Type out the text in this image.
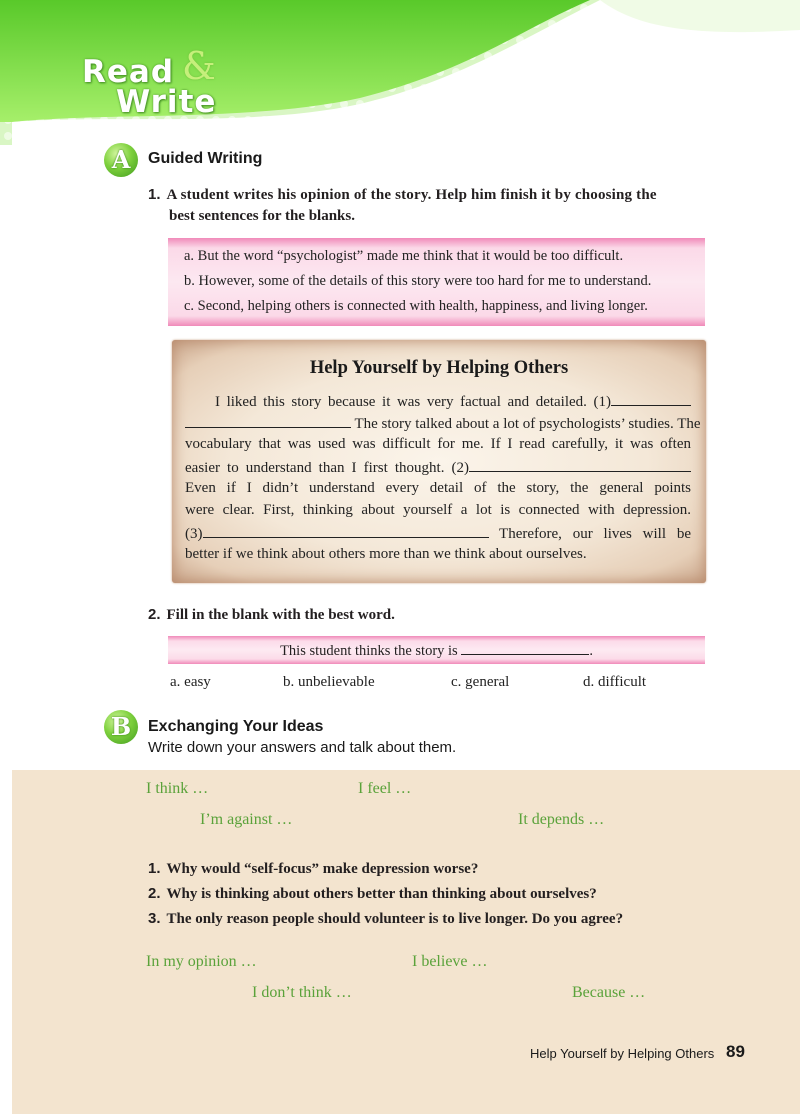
Read &
Write
A	Guided Writing
1. A student writes his opinion of the story. Help him finish it by choosing the
best sentences for the blanks.
a. But the word “psychologist” made me think that it would be too difficult.
b. However, some of the details of this story were too hard for me to understand.
c. Second, helping others is connected with health, happiness, and living longer.
Help Yourself by Helping Others
I liked this story because it was very factual and detailed. (1)
The story talked about a lot of psychologists’ studies. The
vocabulary that was used was difficult for me. If I read carefully, it was often
easier to understand than I first thought. (2)
Even if I didn’t understand every detail of the story, the general points
were clear. First, thinking about yourself a lot is connected with depression.
(3)	Therefore, our lives will be
better if we think about others more than we think about ourselves.
2. Fill in the blank with the best word.
This student thinks the story is	.
a. easy	b. unbelievable	c. general	d. difficult
B	Exchanging Your Ideas
Write down your answers and talk about them.
I think …	I feel …
I’m against …	It depends …
1. Why would “self-focus” make depression worse?
2. Why is thinking about others better than thinking about ourselves?
3. The only reason people should volunteer is to live longer. Do you agree?
In my opinion …	I believe …
I don’t think …	Because …
Help Yourself by Helping Others 89
